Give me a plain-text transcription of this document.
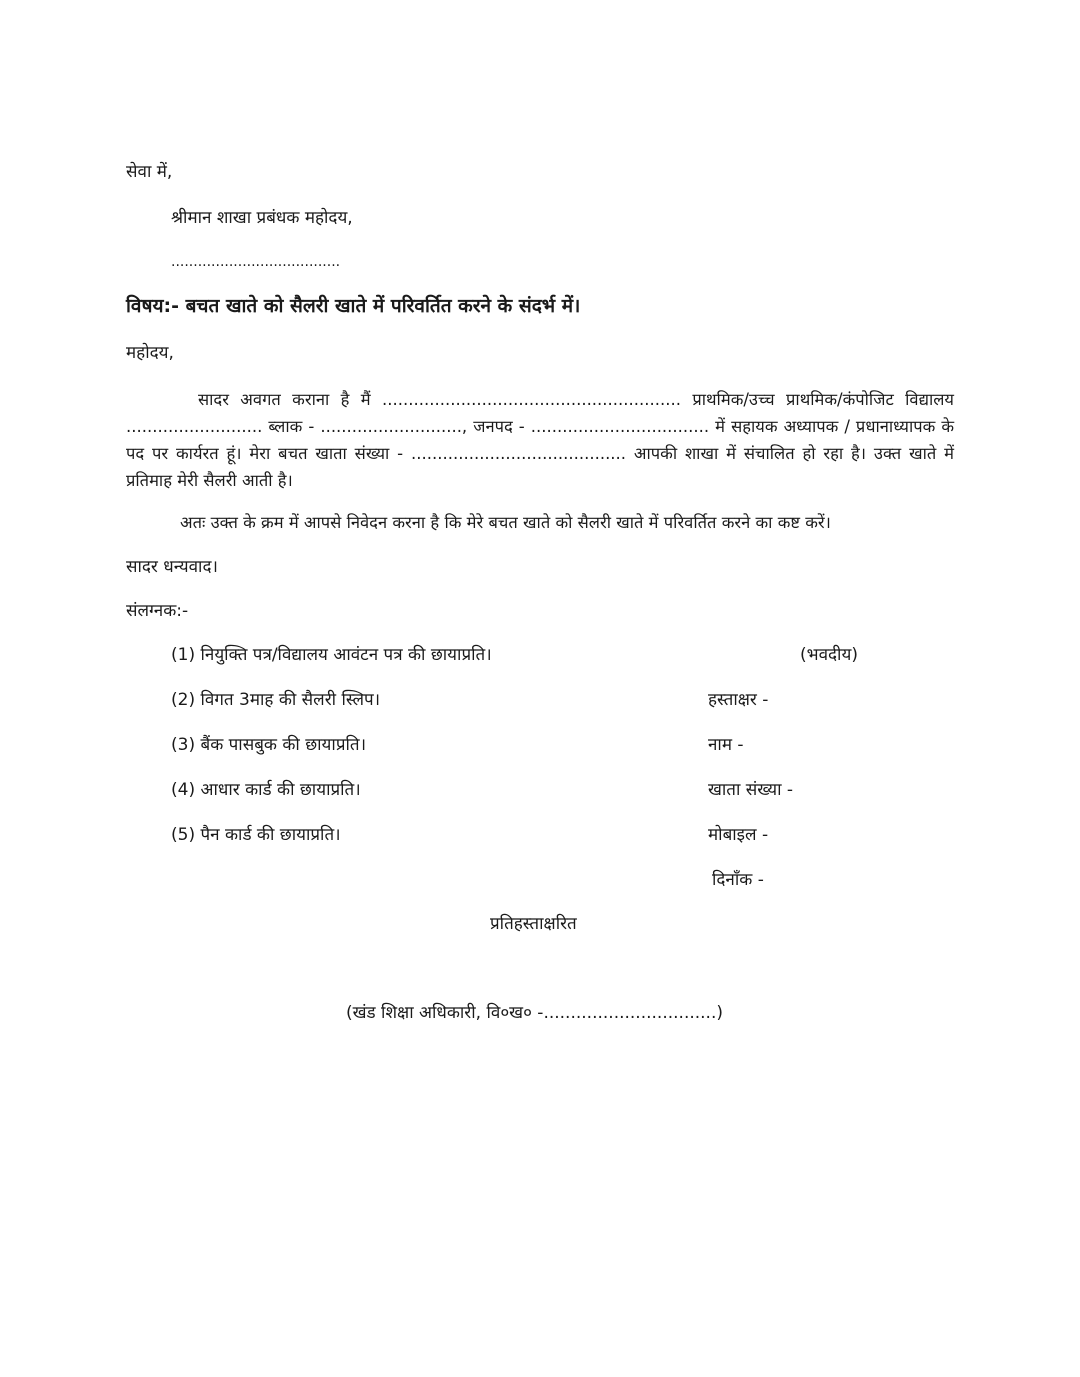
सेवा में,
श्रीमान शाखा प्रबंधक महोदय,
......................................
विषय:- बचत खाते को सैलरी खाते में परिवर्तित करने के संदर्भ में।
महोदय,
सादर अवगत कराना है मैं ......................................................... प्राथमिक/उच्च प्राथमिक/कंपोजिट विद्यालय .......................... ब्लाक - ..........................., जनपद - .................................. में सहायक अध्यापक / प्रधानाध्यापक के पद पर कार्यरत हूं। मेरा बचत खाता संख्या - ......................................... आपकी शाखा में संचालित हो रहा है। उक्त खाते में प्रतिमाह मेरी सैलरी आती है।
अतः उक्त के क्रम में आपसे निवेदन करना है कि मेरे बचत खाते को सैलरी खाते में परिवर्तित करने का कष्ट करें।
सादर धन्यवाद।
संलग्नक:-
(1) नियुक्ति पत्र/विद्यालय आवंटन पत्र की छायाप्रति।
(2) विगत 3माह की सैलरी स्लिप।
(3) बैंक पासबुक की छायाप्रति।
(4) आधार कार्ड की छायाप्रति।
(5) पैन कार्ड की छायाप्रति।
(भवदीय)
हस्ताक्षर -
नाम -
खाता संख्या -
मोबाइल -
दिनाँक -
प्रतिहस्ताक्षरित
(खंड शिक्षा अधिकारी, वि०ख० -................................)
